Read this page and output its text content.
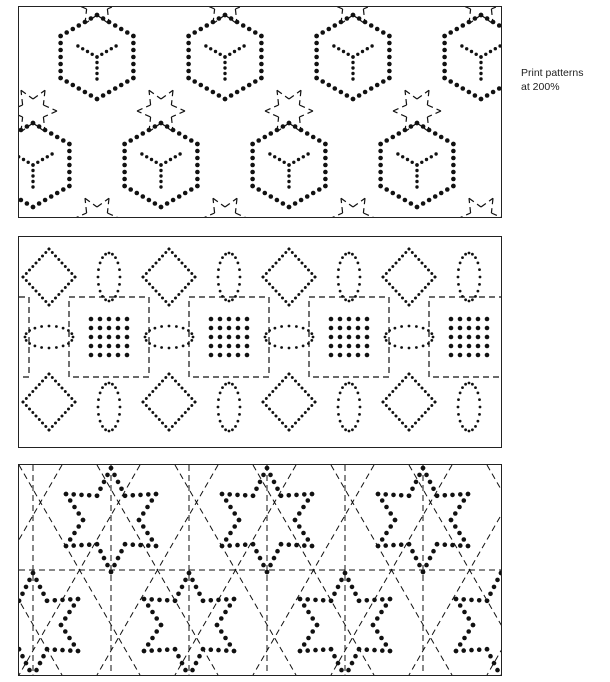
Print patterns
at 200%
